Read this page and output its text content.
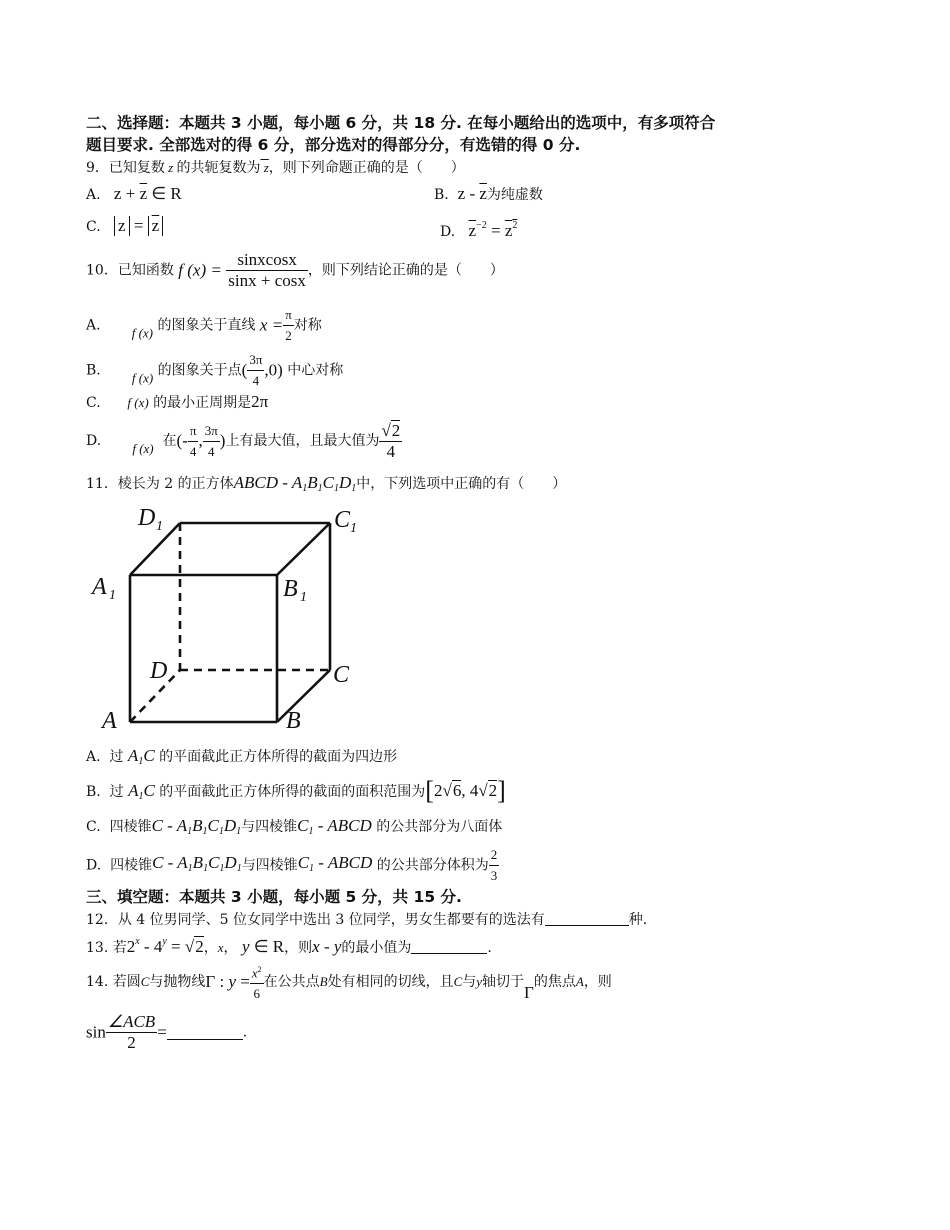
二、选择题：本题共 3 小题，每小题 6 分，共 18 分. 在每小题给出的选项中，有多项符合
题目要求. 全部选对的得 6 分，部分选对的得部分分，有选错的得 0 分.
9．已知复数 z 的共轭复数为 z，则下列命题正确的是（　　）
A. $z + \overline{z}$ ∈ R	B. z - $\overline{z}$为纯虚数
C. $z = \overline{z}$	D. $\overline{z}^{-2} = z^2$
10．已知函数 f $(x) = \frac{\text{sinxcosx}}{\sin x + \cos x}$ ，则下列结论正确的是（　　）
A. f (x) 的图象关于直线 $x = \frac{\pi}{2}$ 对称
B. f (x) 的图象关于点( $\frac{3\pi}{4} ,0$) 中心对称
C. f (x) 的最小正周期是2π
D. f (x) 在(- $\frac{\pi}{4}$ , $\frac{3\pi}{4}$ )上有最大值，且最大值为 $\frac{√2}{4}$
11．棱长为 2 的正方体ABCD - $A_1B_1C_1D_1$中，下列选项中正确的有（　　）
D 1	C 1
A 1	B 1
D	C
A	B
A. 过 $A_1C$ 的平面截此正方体所得的截面为四边形
B. 过 $A_1C$ 的平面截此正方体所得的截面的面积范围为[2√6, 4√2]
C. 四棱锥C - $A_1B_1C_1D_1$与四棱锥$C_1$ - ABCD 的公共部分为八面体
D. 四棱锥C - $A_1B_1C_1D_1$与四棱锥$C_1$ - ABCD 的公共部分体积为 $\frac{2}{3}$
三、填空题：本题共 3 小题，每小题 5 分，共 15 分.
12．从 4 位男同学、5 位女同学中选出 3 位同学，男女生都要有的选法有	种.
13. 若$2^x - 4^y = √2$，x， y ∈ R，则x - y的最小值为	.
14. 若圆C与抛物线Γ : $y = \frac{x^2}{6}$ 在公共点B处有相同的切线，且C与y轴切于Γ的焦点A，则
$\sin \frac{\text{∠ACB}}{2}$ =	.
